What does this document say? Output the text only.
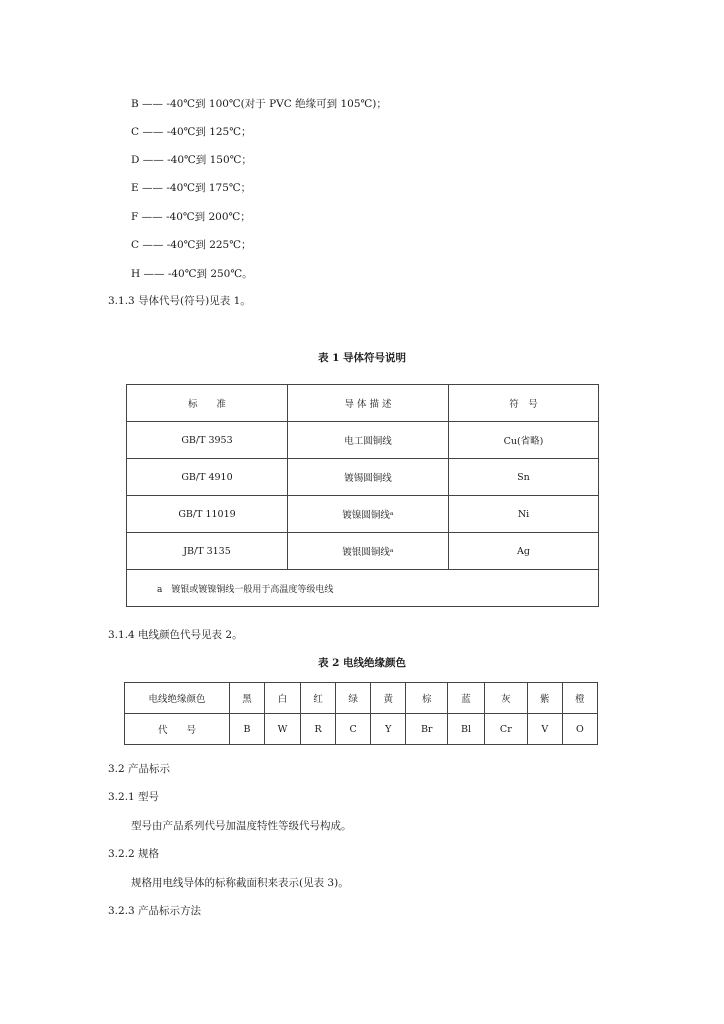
B —— -40℃到 100℃(对于 PVC 绝缘可到 105℃)；
C —— -40℃到 125℃；
D —— -40℃到 150℃；
E —— -40℃到 175℃；
F —— -40℃到 200℃；
C —— -40℃到 225℃；
H —— -40℃到 250℃。
3.1.3 导体代号(符号)见表 1。
表 1 导体符号说明
标　　准	导 体 描 述	符　号
GB/T 3953	电工圆铜线	Cu(省略)
GB/T 4910	镀锡圆铜线	Sn
GB/T 11019	镀镍圆铜线ᵃ	Ni
JB/T 3135	镀银圆铜线ᵃ	Ag
a　镀银或镀镍铜线一般用于高温度等级电线		
3.1.4 电线颜色代号见表 2。
表 2 电线绝缘颜色
电线绝缘颜色	黑	白	红	绿	黄	棕	蓝	灰	紫	橙
代　　号	B	W	R	C	Y	Br	Bl	Cr	V	O
3.2 产品标示
3.2.1 型号
型号由产品系列代号加温度特性等级代号构成。
3.2.2 规格
规格用电线导体的标称截面积来表示(见表 3)。
3.2.3 产品标示方法
